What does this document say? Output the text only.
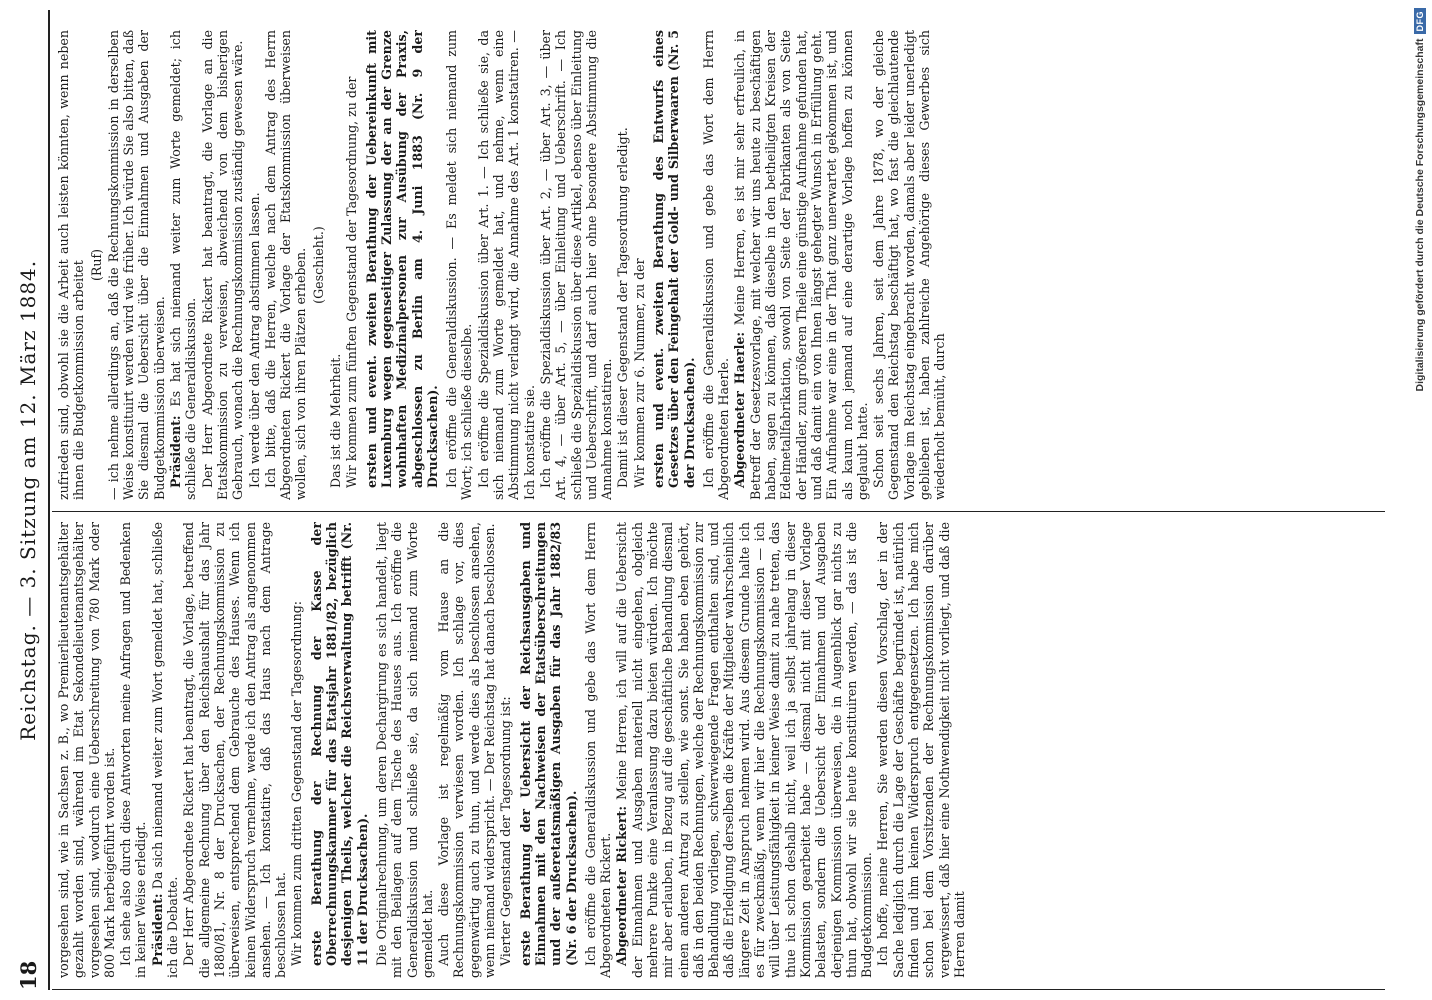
18
Reichstag. — 3. Sitzung am 12. März 1884.

vorgesehen sind, wie in Sachsen z. B., wo Premierlieutenantsgehälter gezahlt worden sind, während im Etat Sekondelieutenantsgehälter vorgesehen sind, wodurch eine Ueberschreitung von 780 Mark oder 800 Mark herbeigeführt worden ist. Ich sehe also durch diese Antworten meine Anfragen und Bedenken in keiner Weise erledigt. Präsident: Da sich niemand weiter zum Wort gemeldet hat, schließe ich die Debatte. Der Herr Abgeordnete Rickert hat beantragt, die Vorlage, betreffend die allgemeine Rechnung über den Reichshaushalt für das Jahr 1880/81, Nr. 8 der Drucksachen, der Rechnungskommission zu überweisen, entsprechend dem Gebrauche des Hauses. Wenn ich keinen Widerspruch vernehme, werde ich den Antrag als angenommen ansehen. — Ich konstatire, daß das Haus nach dem Antrage beschlossen hat. Wir kommen zum dritten Gegenstand der Tagesordnung: erste Berathung der Rechnung der Kasse der Oberrechnungskammer für das Etatsjahr 1881/82, bezüglich desjenigen Theils, welcher die Reichsverwaltung betrifft (Nr. 11 der Drucksachen). Die Originalrechnung, um deren Dechargirung es sich handelt, liegt mit den Beilagen auf dem Tische des Hauses aus. Ich eröffne die Generaldiskussion und schließe sie, da sich niemand zum Worte gemeldet hat. Auch diese Vorlage ist regelmäßig vom Hause an die Rechnungskommission verwiesen worden. Ich schlage vor, dies gegenwärtig auch zu thun, und werde dies als beschlossen ansehen, wenn niemand widerspricht. — Der Reichstag hat danach beschlossen. Vierter Gegenstand der Tagesordnung ist: erste Berathung der Uebersicht der Reichsausgaben und Einnahmen mit den Nachweisen der Etatsüberschreitungen und der außeretatsmäßigen Ausgaben für das Jahr 1882/83 (Nr. 6 der Drucksachen). Ich eröffne die Generaldiskussion und gebe das Wort dem Herrn Abgeordneten Rickert. Abgeordneter Rickert: Meine Herren, ich will auf die Uebersicht der Einnahmen und Ausgaben materiell nicht eingehen, obgleich mehrere Punkte eine Veranlassung dazu bieten würden. Ich möchte mir aber erlauben, in Bezug auf die geschäftliche Behandlung diesmal einen anderen Antrag zu stellen, wie sonst. Sie haben eben gehört, daß in den beiden Rechnungen, welche der Rechnungskommission zur Behandlung vorliegen, schwerwiegende Fragen enthalten sind, und daß die Erledigung derselben die Kräfte der Mitglieder wahrscheinlich längere Zeit in Anspruch nehmen wird. Aus diesem Grunde halte ich es für zweckmäßig, wenn wir hier die Rechnungskommission — ich will über Leistungsfähigkeit in keiner Weise damit zu nahe treten, das thue ich schon deshalb nicht, weil ich ja selbst jahrelang in dieser Kommission gearbeitet habe — diesmal nicht mit dieser Vorlage belasten, sondern die Uebersicht der Einnahmen und Ausgaben derjenigen Kommission überweisen, die in Augenblick gar nichts zu thun hat, obwohl wir sie heute konstituiren werden, — das ist die Budgetkommission. Ich hoffe, meine Herren, Sie werden diesen Vorschlag, der in der Sache lediglich durch die Lage der Geschäfte begründet ist, natürlich finden und ihm keinen Widerspruch entgegensetzen. Ich habe mich schon bei dem Vorsitzenden der Rechnungskommission darüber vergewissert, daß hier eine Nothwendigkeit nicht vorliegt, und daß die Herren damit

zufrieden sind, obwohl sie die Arbeit auch leisten könnten, wenn neben ihnen die Budgetkommission arbeitet (Ruf) — ich nehme allerdings an, daß die Rechnungskommission in derselben Weise konstituirt werden wird wie früher. Ich würde Sie also bitten, daß Sie diesmal die Uebersicht über die Einnahmen und Ausgaben der Budgetkommission überweisen. Präsident: Es hat sich niemand weiter zum Worte gemeldet; ich schließe die Generaldiskussion. Der Herr Abgeordnete Rickert hat beantragt, die Vorlage an die Etatskommission zu verweisen, abweichend von dem bisherigen Gebrauch, wonach die Rechnungskommission zuständig gewesen wäre. Ich werde über den Antrag abstimmen lassen. Ich bitte, daß die Herren, welche nach dem Antrag des Herrn Abgeordneten Rickert die Vorlage der Etatskommission überweisen wollen, sich von ihren Plätzen erheben. (Geschieht.)

Das ist die Mehrheit. Wir kommen zum fünften Gegenstand der Tagesordnung, zu der ersten und event. zweiten Berathung der Uebereinkunft mit Luxemburg wegen gegenseitiger Zulassung der an der Grenze wohnhaften Medizinalpersonen zur Ausübung der Praxis, abgeschlossen zu Berlin am 4. Juni 1883 (Nr. 9 der Drucksachen). Ich eröffne die Generaldiskussion. — Es meldet sich niemand zum Wort; ich schließe dieselbe. Ich eröffne die Spezialdiskussion über Art. 1. — Ich schließe sie, da sich niemand zum Worte gemeldet hat, und nehme, wenn eine Abstimmung nicht verlangt wird, die Annahme des Art. 1 konstatiren. — Ich konstatire sie. Ich eröffne die Spezialdiskussion über Art. 2, — über Art. 3, — über Art. 4, — über Art. 5, — über Einleitung und Ueberschrift. — Ich schließe die Spezialdiskussion über diese Artikel, ebenso über Einleitung und Ueberschrift, und darf auch hier ohne besondere Abstimmung die Annahme konstatiren. Damit ist dieser Gegenstand der Tagesordnung erledigt. Wir kommen zur 6. Nummer, zu der ersten und event. zweiten Berathung des Entwurfs eines Gesetzes über den Feingehalt der Gold- und Silberwaaren (Nr. 5 der Drucksachen). Ich eröffne die Generaldiskussion und gebe das Wort dem Herrn Abgeordneten Haerle. Abgeordneter Haerle: Meine Herren, es ist mir sehr erfreulich, in Betreff der Gesetzesvorlage, mit welcher wir uns heute zu beschäftigen haben, sagen zu können, daß dieselbe in den betheiligten Kreisen der Edelmetallfabrikation, sowohl von Seite der Fabrikanten als von Seite der Händler, zum größeren Theile eine günstige Aufnahme gefunden hat, und daß damit ein von Ihnen längst gehegter Wunsch in Erfüllung geht. Ein Aufnahme war eine in der That ganz unerwartet gekommen ist, und als kaum noch jemand auf eine derartige Vorlage hoffen zu können geglaubt hatte. Schon seit sechs Jahren, seit dem Jahre 1878, wo der gleiche Gegenstand den Reichstag beschäftigt hat, wo fast die gleichlautende Vorlage im Reichstag eingebracht worden, damals aber leider unerledigt geblieben ist, haben zahlreiche Angehörige dieses Gewerbes sich wiederholt bemüht, durch

Digitalisierung gefördert durch die Deutsche Forschungsgemeinschaft
DFG
